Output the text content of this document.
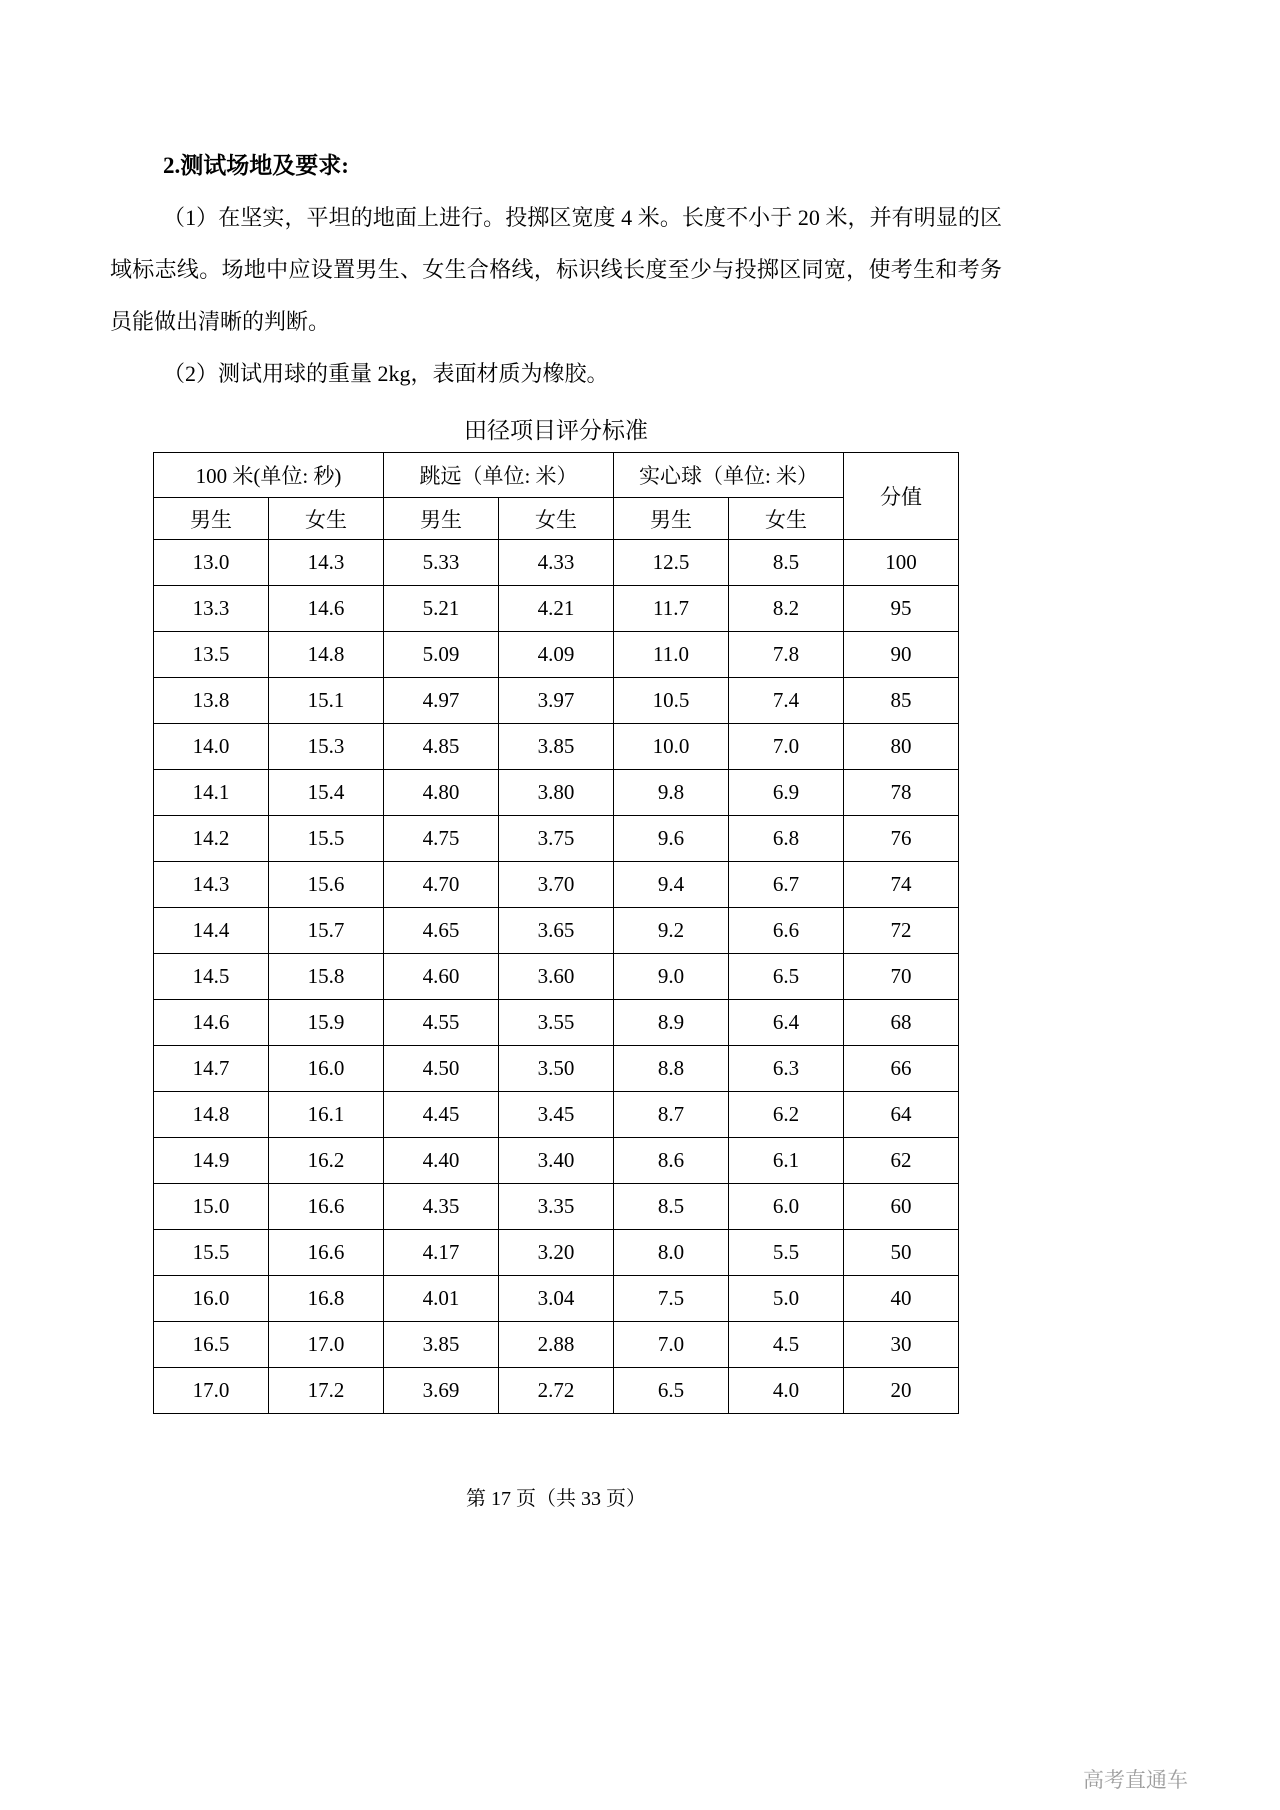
2.测试场地及要求:

（1）在坚实，平坦的地面上进行。投掷区宽度 4 米。长度不小于 20 米，并有明显的区域标志线。场地中应设置男生、女生合格线，标识线长度至少与投掷区同宽，使考生和考务员能做出清晰的判断。

（2）测试用球的重量 2kg，表面材质为橡胶。

田径项目评分标准
100 米(单位: 秒)		跳远（单位: 米）		实心球（单位: 米）		分值
男生	女生	男生	女生	男生	女生	
13.0	14.3	5.33	4.33	12.5	8.5	100
13.3	14.6	5.21	4.21	11.7	8.2	95
13.5	14.8	5.09	4.09	11.0	7.8	90
13.8	15.1	4.97	3.97	10.5	7.4	85
14.0	15.3	4.85	3.85	10.0	7.0	80
14.1	15.4	4.80	3.80	9.8	6.9	78
14.2	15.5	4.75	3.75	9.6	6.8	76
14.3	15.6	4.70	3.70	9.4	6.7	74
14.4	15.7	4.65	3.65	9.2	6.6	72
14.5	15.8	4.60	3.60	9.0	6.5	70
14.6	15.9	4.55	3.55	8.9	6.4	68
14.7	16.0	4.50	3.50	8.8	6.3	66
14.8	16.1	4.45	3.45	8.7	6.2	64
14.9	16.2	4.40	3.40	8.6	6.1	62
15.0	16.6	4.35	3.35	8.5	6.0	60
15.5	16.6	4.17	3.20	8.0	5.5	50
16.0	16.8	4.01	3.04	7.5	5.0	40
16.5	17.0	3.85	2.88	7.0	4.5	30
17.0	17.2	3.69	2.72	6.5	4.0	20
第 17 页（共 33 页）
高考直通车
